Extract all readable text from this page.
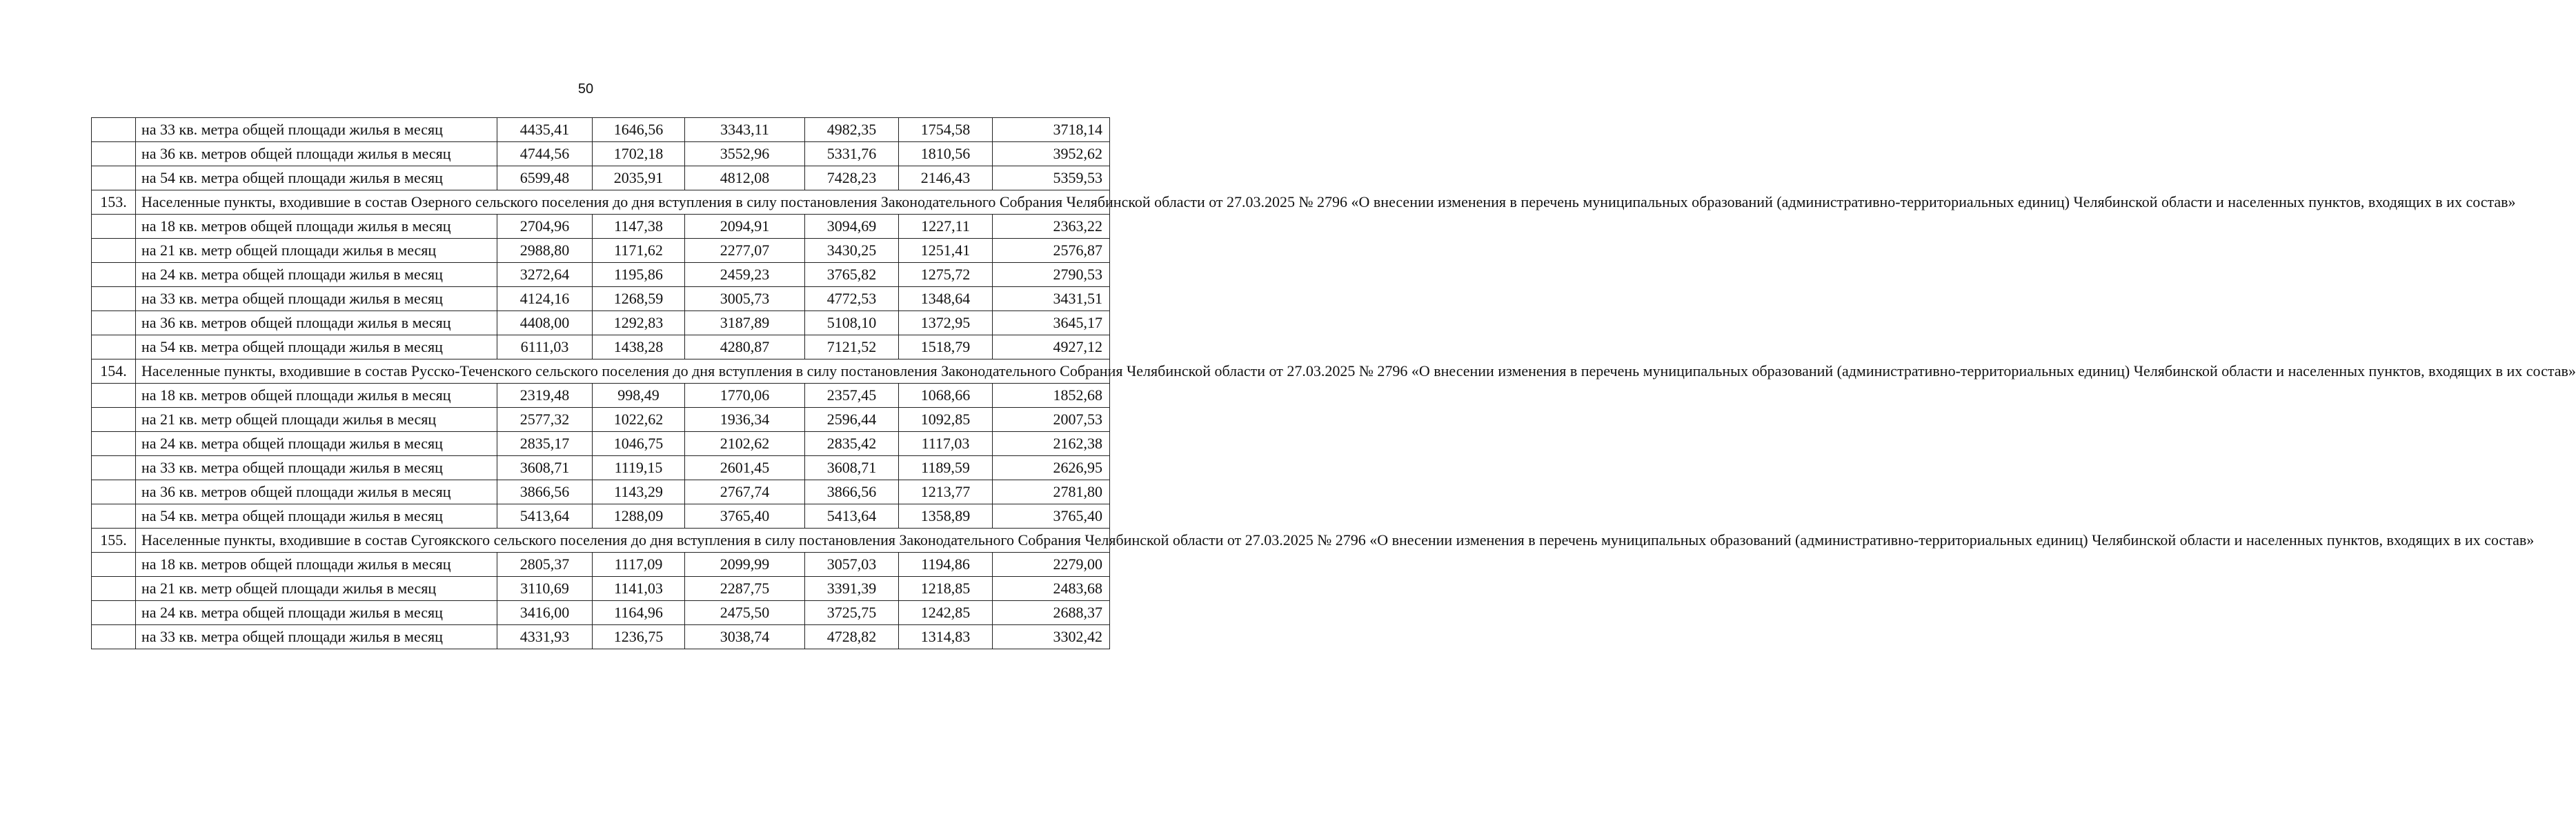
50
	на 33 кв. метра общей площади жилья в месяц	4435,41	1646,56	3343,11	4982,35	1754,58	3718,14
	на 36 кв. метров общей площади жилья в месяц	4744,56	1702,18	3552,96	5331,76	1810,56	3952,62
	на 54 кв. метра общей площади жилья в месяц	6599,48	2035,91	4812,08	7428,23	2146,43	5359,53
153.	Населенные пункты, входившие в состав Озерного сельского поселения до дня вступления в силу постановления Законодательного Собрания Челябинской области от 27.03.2025 № 2796 «О внесении изменения в перечень муниципальных образований (административно-территориальных единиц) Челябинской области и населенных пунктов, входящих в их состав»						
	на 18 кв. метров общей площади жилья в месяц	2704,96	1147,38	2094,91	3094,69	1227,11	2363,22
	на 21 кв. метр общей площади жилья в месяц	2988,80	1171,62	2277,07	3430,25	1251,41	2576,87
	на 24 кв. метра общей площади жилья в месяц	3272,64	1195,86	2459,23	3765,82	1275,72	2790,53
	на 33 кв. метра общей площади жилья в месяц	4124,16	1268,59	3005,73	4772,53	1348,64	3431,51
	на 36 кв. метров общей площади жилья в месяц	4408,00	1292,83	3187,89	5108,10	1372,95	3645,17
	на 54 кв. метра общей площади жилья в месяц	6111,03	1438,28	4280,87	7121,52	1518,79	4927,12
154.	Населенные пункты, входившие в состав Русско-Теченского сельского поселения до дня вступления в силу постановления Законодательного Собрания Челябинской области от 27.03.2025 № 2796 «О внесении изменения в перечень муниципальных образований (административно-территориальных единиц) Челябинской области и населенных пунктов, входящих в их состав»						
	на 18 кв. метров общей площади жилья в месяц	2319,48	998,49	1770,06	2357,45	1068,66	1852,68
	на 21 кв. метр общей площади жилья в месяц	2577,32	1022,62	1936,34	2596,44	1092,85	2007,53
	на 24 кв. метра общей площади жилья в месяц	2835,17	1046,75	2102,62	2835,42	1117,03	2162,38
	на 33 кв. метра общей площади жилья в месяц	3608,71	1119,15	2601,45	3608,71	1189,59	2626,95
	на 36 кв. метров общей площади жилья в месяц	3866,56	1143,29	2767,74	3866,56	1213,77	2781,80
	на 54 кв. метра общей площади жилья в месяц	5413,64	1288,09	3765,40	5413,64	1358,89	3765,40
155.	Населенные пункты, входившие в состав Сугоякского сельского поселения до дня вступления в силу постановления Законодательного Собрания Челябинской области от 27.03.2025 № 2796 «О внесении изменения в перечень муниципальных образований (административно-территориальных единиц) Челябинской области и населенных пунктов, входящих в их состав»						
	на 18 кв. метров общей площади жилья в месяц	2805,37	1117,09	2099,99	3057,03	1194,86	2279,00
	на 21 кв. метр общей площади жилья в месяц	3110,69	1141,03	2287,75	3391,39	1218,85	2483,68
	на 24 кв. метра общей площади жилья в месяц	3416,00	1164,96	2475,50	3725,75	1242,85	2688,37
	на 33 кв. метра общей площади жилья в месяц	4331,93	1236,75	3038,74	4728,82	1314,83	3302,42
